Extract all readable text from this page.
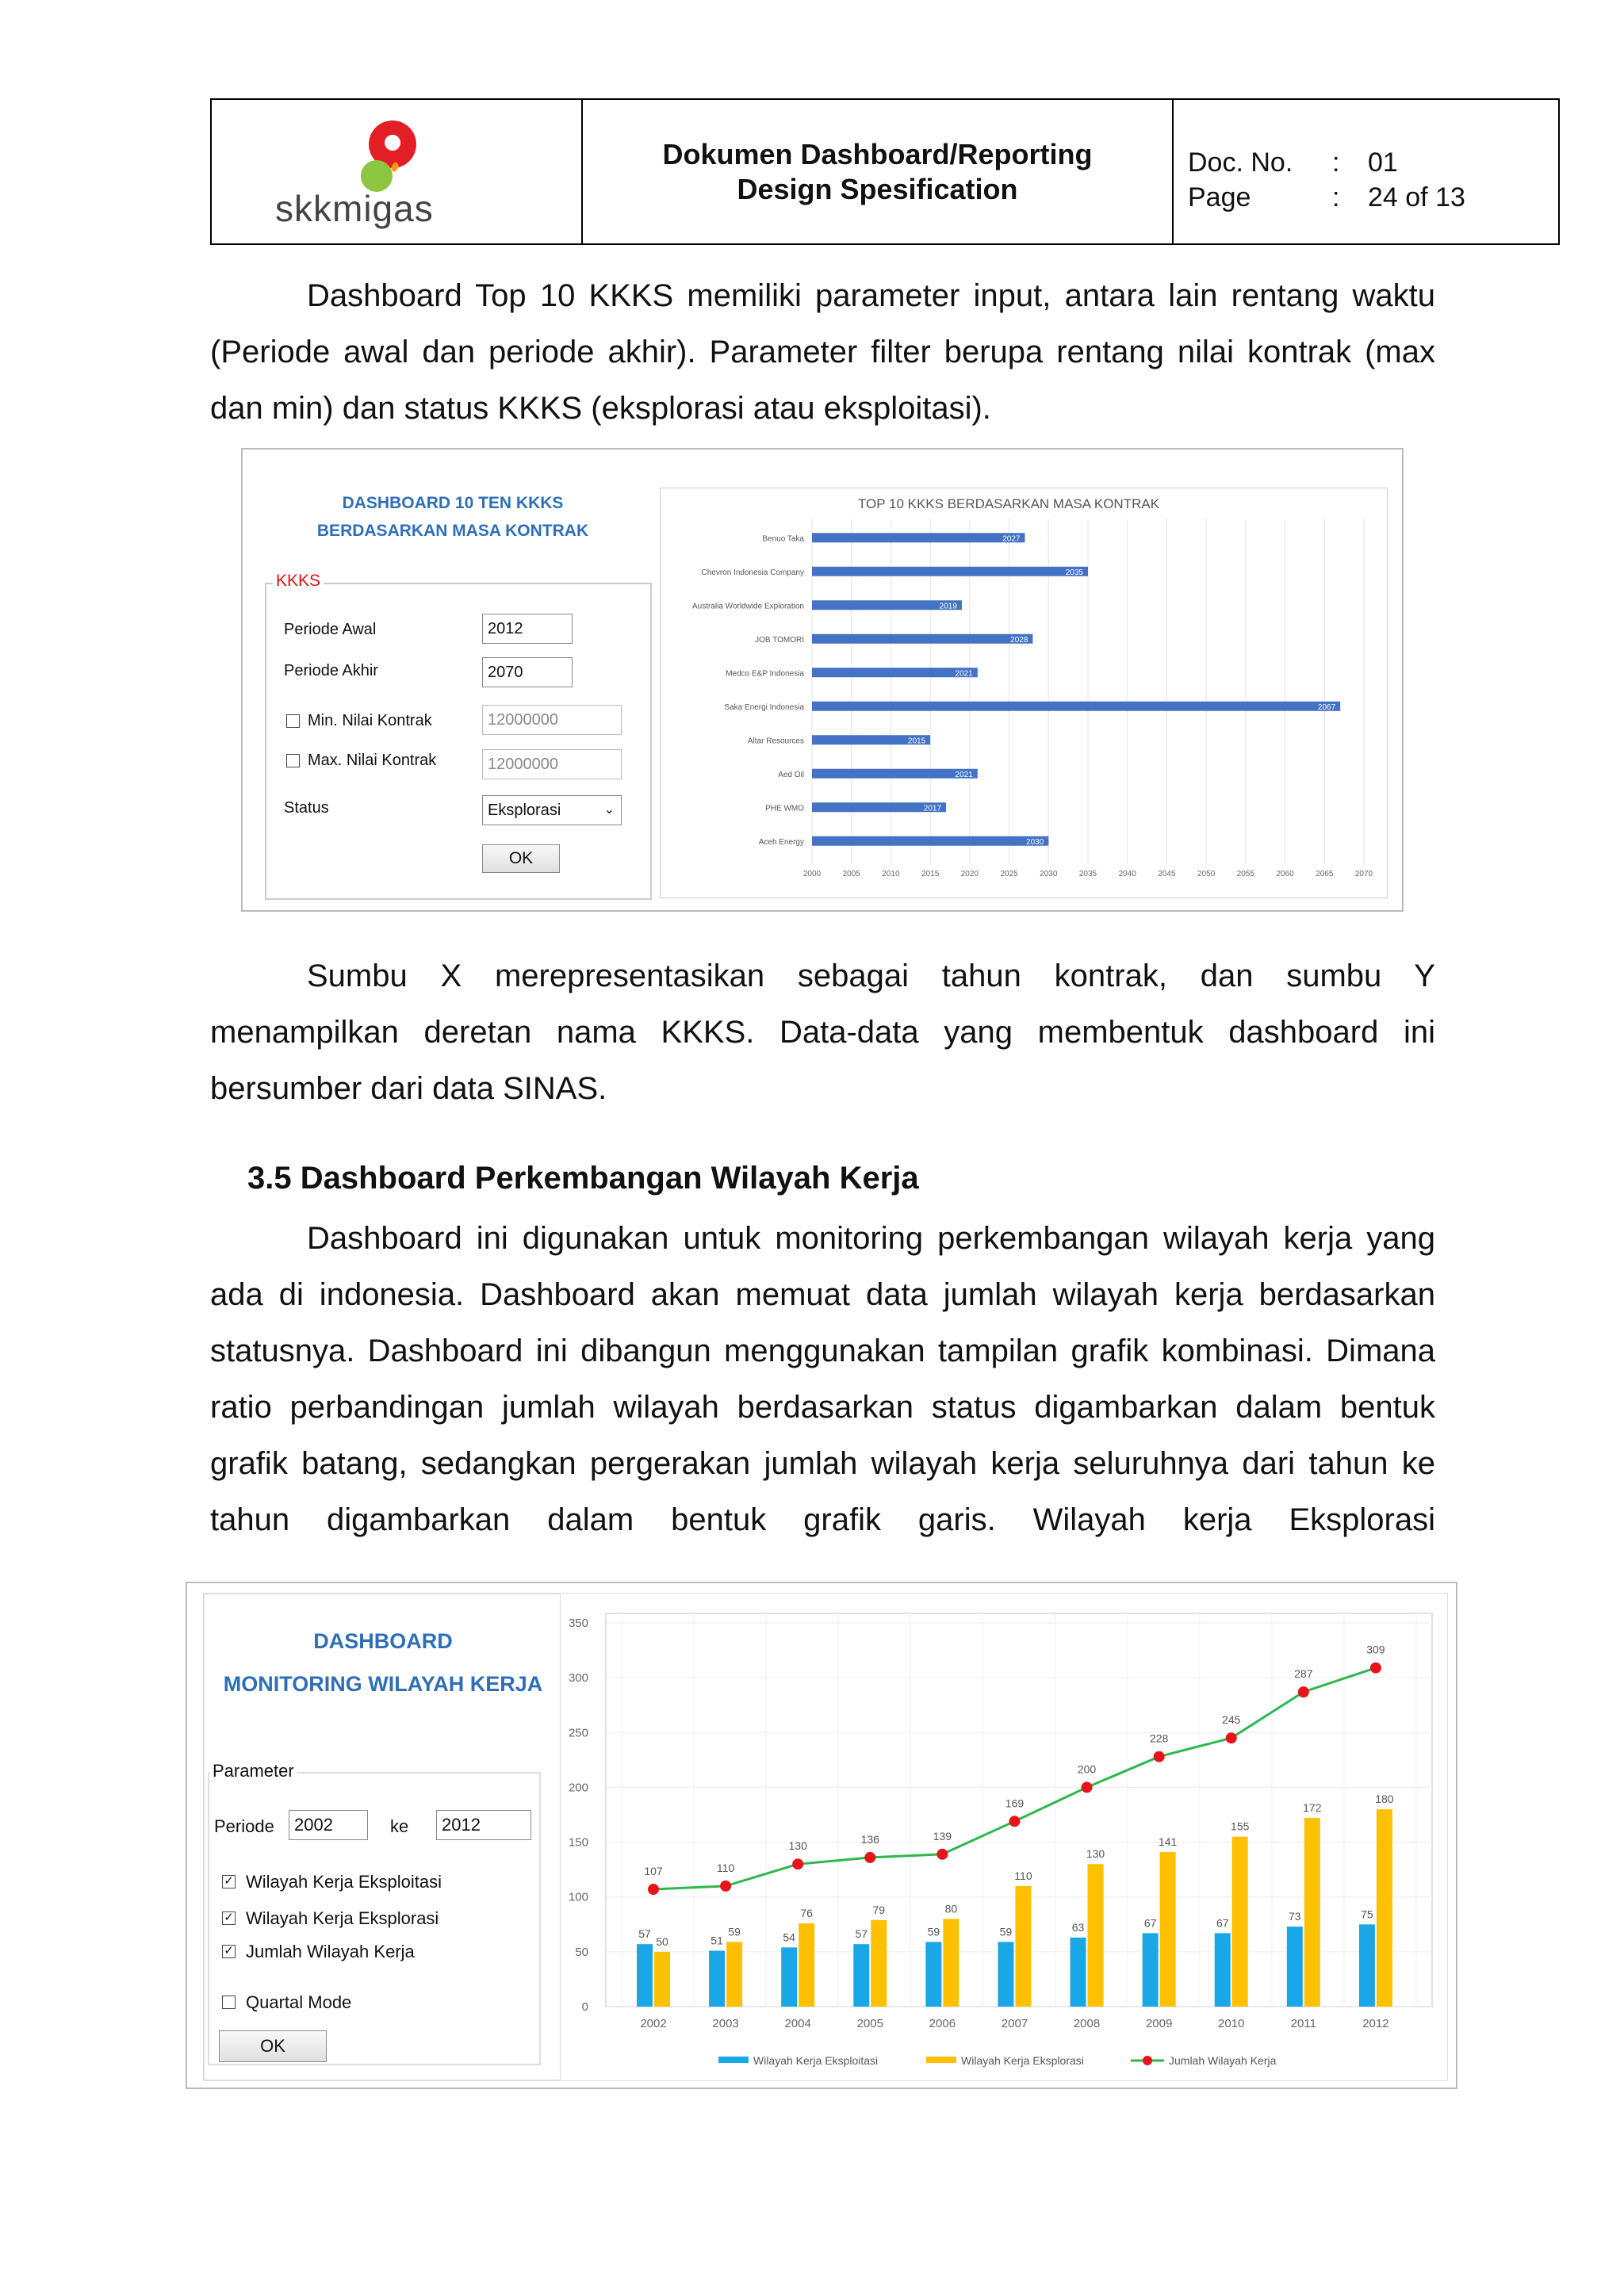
skkmigas
Dokumen Dashboard/Reporting
Design Spesification
Doc. No. : 01
Page	: 24 of 13
Dashboard Top 10 KKKS memiliki parameter input, antara lain rentang waktu (Periode awal dan periode akhir). Parameter filter berupa rentang nilai kontrak (max dan min) dan status KKKS (eksplorasi atau eksploitasi).
DASHBOARD 10 TEN KKKS
BERDASARKAN MASA KONTRAK
KKKS
Periode Awal	2012
Periode Akhir	2070
Min. Nilai Kontrak	12000000
Max. Nilai Kontrak	12000000
Status	Eksplorasi	⌄
OK
TOP 10 KKKS BERDASARKAN MASA KONTRAK
2000	2005	2010	2015	2020	2025	2030	2035	2040	2045	2050	2055	2060	2065	2070
Benuo Taka	2027
Chevron Indonesia Company	2035
Australia Worldwide Exploration	2019
JOB TOMORI	2028
Medco E&P Indonesia	2021
Saka Energi Indonesia	2067
Altar Resources	2015
Aed Oil	2021
PHE WMO	2017
Aceh Energy	2030
Sumbu X merepresentasikan sebagai tahun kontrak, dan sumbu Y menampilkan deretan nama KKKS. Data-data yang membentuk dashboard ini bersumber dari data SINAS.
3.5 Dashboard Perkembangan Wilayah Kerja
Dashboard ini digunakan untuk monitoring perkembangan wilayah kerja yang ada di indonesia. Dashboard akan memuat data jumlah wilayah kerja berdasarkan statusnya. Dashboard ini dibangun menggunakan tampilan grafik kombinasi. Dimana ratio perbandingan jumlah wilayah berdasarkan status digambarkan dalam bentuk grafik batang, sedangkan pergerakan jumlah wilayah kerja seluruhnya dari tahun ke tahun digambarkan dalam bentuk grafik garis. Wilayah kerja Eksplorasi
DASHBOARD
MONITORING WILAYAH KERJA
Parameter
Periode	2002	ke	2012
✓ Wilayah Kerja Eksploitasi
✓ Wilayah Kerja Eksplorasi
✓ Jumlah Wilayah Kerja
Quartal Mode
OK
0
50
100
150
200
250
300
350
57
50
2002
51
59
2003
54
76
2004
57
79
2005
59
80
2006
59
110
2007
63
130
2008
67
141
2009
67
155
2010
73
172
2011
75
180
2012
107	110
130
136	139
169
200
228
245
287
309
Wilayah Kerja Eksploitasi	Wilayah Kerja Eksplorasi	Jumlah Wilayah Kerja
